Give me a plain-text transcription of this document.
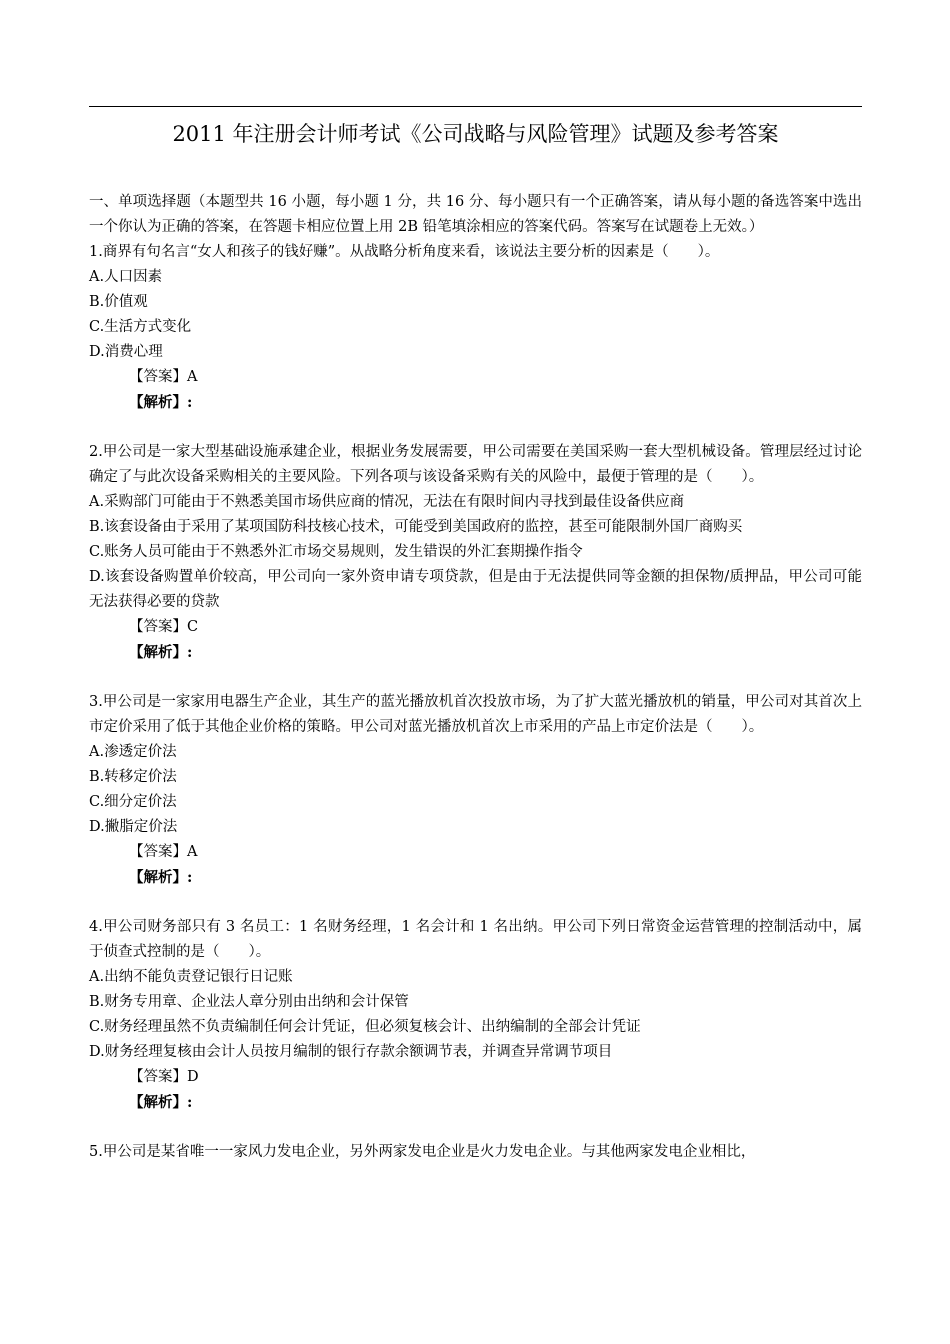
2011 年注册会计师考试《公司战略与风险管理》试题及参考答案

一、单项选择题（本题型共 16 小题，每小题 1 分，共 16 分、每小题只有一个正确答案，请从每小题的备选答案中选出一个你认为正确的答案，在答题卡相应位置上用 2B 铅笔填涂相应的答案代码。答案写在试题卷上无效。）

1.商界有句名言“女人和孩子的钱好赚”。从战略分析角度来看，该说法主要分析的因素是（　　）。

A.人口因素

B.价值观

C.生活方式变化

D.消费心理

【答案】A

【解析】:

2.甲公司是一家大型基础设施承建企业，根据业务发展需要，甲公司需要在美国采购一套大型机械设备。管理层经过讨论确定了与此次设备采购相关的主要风险。下列各项与该设备采购有关的风险中，最便于管理的是（　　）。

A.采购部门可能由于不熟悉美国市场供应商的情况，无法在有限时间内寻找到最佳设备供应商

B.该套设备由于采用了某项国防科技核心技术，可能受到美国政府的监控，甚至可能限制外国厂商购买

C.账务人员可能由于不熟悉外汇市场交易规则，发生错误的外汇套期操作指令

D.该套设备购置单价较高，甲公司向一家外资申请专项贷款，但是由于无法提供同等金额的担保物/质押品，甲公司可能无法获得必要的贷款

【答案】C

【解析】:

3.甲公司是一家家用电器生产企业，其生产的蓝光播放机首次投放市场，为了扩大蓝光播放机的销量，甲公司对其首次上市定价采用了低于其他企业价格的策略。甲公司对蓝光播放机首次上市采用的产品上市定价法是（　　）。

A.渗透定价法

B.转移定价法

C.细分定价法

D.撇脂定价法

【答案】A

【解析】:

4.甲公司财务部只有 3 名员工：1 名财务经理，1 名会计和 1 名出纳。甲公司下列日常资金运营管理的控制活动中，属于侦查式控制的是（　　）。

A.出纳不能负责登记银行日记账

B.财务专用章、企业法人章分别由出纳和会计保管

C.财务经理虽然不负责编制任何会计凭证，但必须复核会计、出纳编制的全部会计凭证

D.财务经理复核由会计人员按月编制的银行存款余额调节表，并调查异常调节项目

【答案】D

【解析】:

5.甲公司是某省唯一一家风力发电企业，另外两家发电企业是火力发电企业。与其他两家发电企业相比，
